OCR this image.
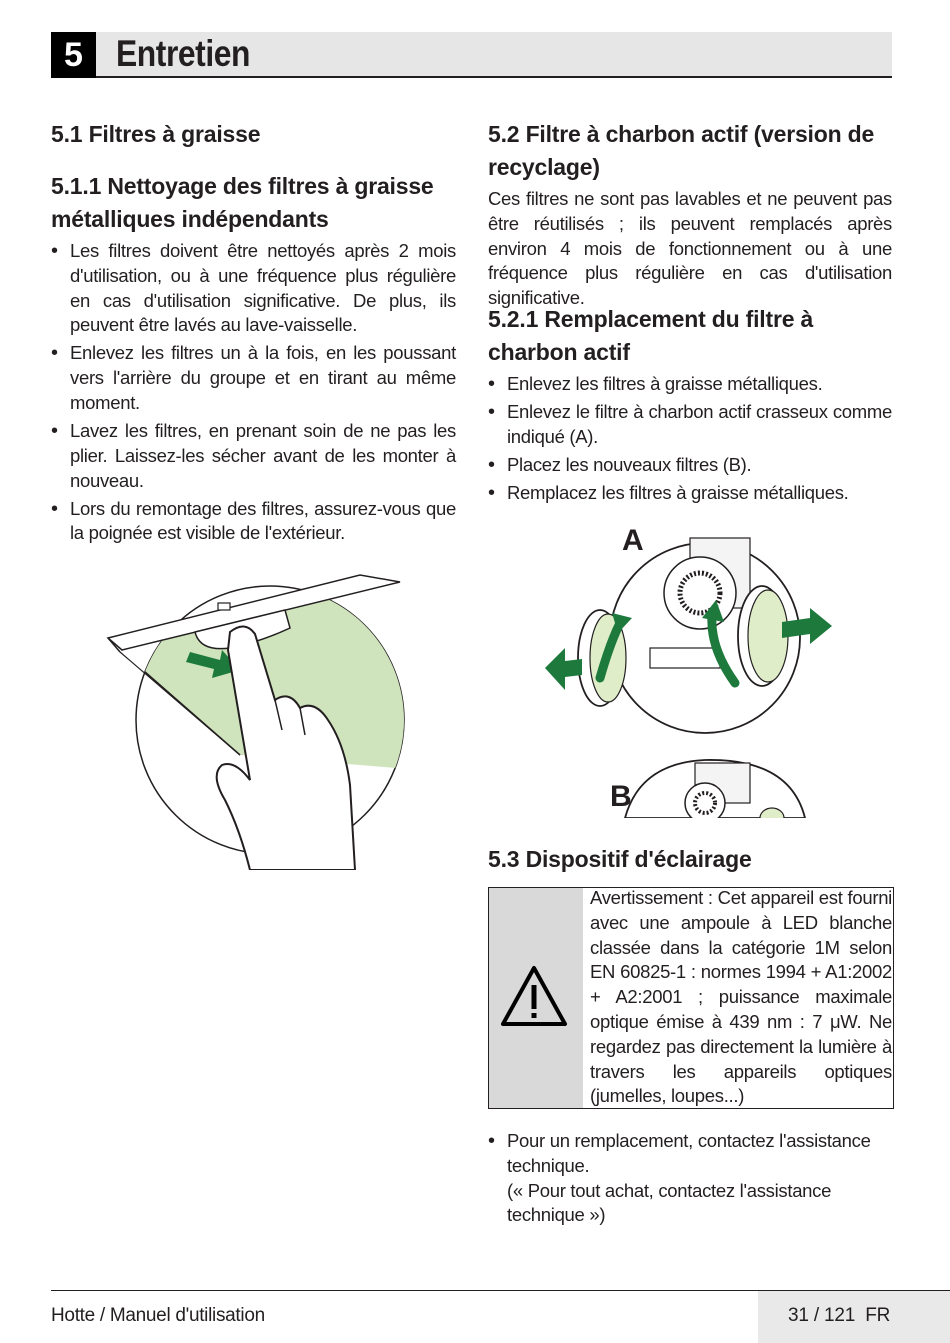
5 Entretien
5.1 Filtres à graisse
5.1.1 Nettoyage des filtres à graisse métalliques indépendants
• Les filtres doivent être nettoyés après 2 mois d'utilisation, ou à une fréquence plus régulière en cas d'utilisation significative. De plus, ils peuvent être lavés au lave-vaisselle.
• Enlevez les filtres un à la fois, en les poussant vers l'arrière du groupe et en tirant au même moment.
• Lavez les filtres, en prenant soin de ne pas les plier. Laissez-les sécher avant de les monter à nouveau.
• Lors du remontage des filtres, assurez-vous que la poignée est visible de l'extérieur.
5.2 Filtre à charbon actif (version de recyclage)
Ces filtres ne sont pas lavables et ne peuvent pas être réutilisés ; ils peuvent remplacés après environ 4 mois de fonctionnement ou à une fréquence plus régulière en cas d'utilisation significative.
5.2.1 Remplacement du filtre à charbon actif
• Enlevez les filtres à graisse métalliques.
• Enlevez le filtre à charbon actif crasseux comme indiqué (A).
• Placez les nouveaux filtres (B).
• Remplacez les filtres à graisse métalliques.
A
B
5.3 Dispositif d'éclairage
Avertissement : Cet appareil est fourni avec une ampoule à LED blanche classée dans la catégorie 1M selon EN 60825-1 : normes 1994 + A1:2002 + A2:2001 ; puissance maximale optique émise à 439 nm : 7 μW. Ne regardez pas directement la lumière à travers les appareils optiques (jumelles, loupes...)
• Pour un remplacement, contactez l'assistance technique.
(« Pour tout achat, contactez l'assistance technique »)
Hotte / Manuel d'utilisation	31 / 121  FR
